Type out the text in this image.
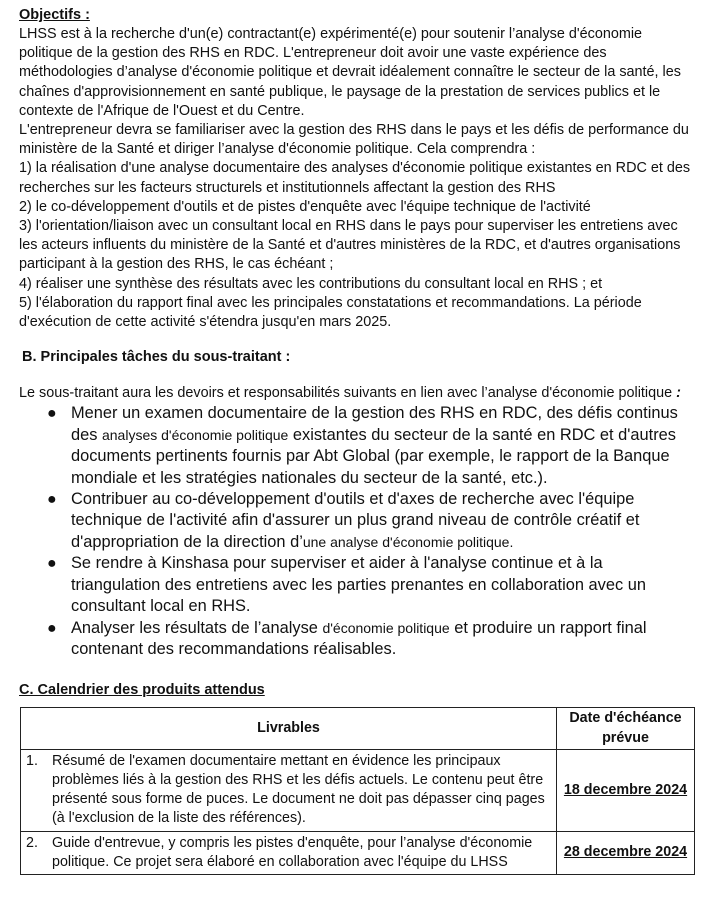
Objectifs :

LHSS est à la recherche d'un(e) contractant(e) expérimenté(e) pour soutenir l’analyse d'économie politique de la gestion des RHS en RDC. L'entrepreneur doit avoir une vaste expérience des méthodologies d’analyse d'économie politique et devrait idéalement connaître le secteur de la santé, les chaînes d'approvisionnement en santé publique, le paysage de la prestation de services publics et le contexte de l'Afrique de l'Ouest et du Centre.

L'entrepreneur devra se familiariser avec la gestion des RHS dans le pays et les défis de performance du ministère de la Santé et diriger l’analyse d'économie politique. Cela comprendra :

1) la réalisation d'une analyse documentaire des analyses d'économie politique existantes en RDC et des recherches sur les facteurs structurels et institutionnels affectant la gestion des RHS

2) le co-développement d'outils et de pistes d'enquête avec l'équipe technique de l'activité

3) l'orientation/liaison avec un consultant local en RHS dans le pays pour superviser les entretiens avec les acteurs influents du ministère de la Santé et d'autres ministères de la RDC, et d'autres organisations participant à la gestion des RHS, le cas échéant ;

4) réaliser une synthèse des résultats avec les contributions du consultant local en RHS ; et

5) l'élaboration du rapport final avec les principales constatations et recommandations. La période d'exécution de cette activité s'étendra jusqu'en mars 2025.

B. Principales tâches du sous-traitant :

Le sous-traitant aura les devoirs et responsabilités suivants en lien avec l’analyse d'économie politique :

● Mener un examen documentaire de la gestion des RHS en RDC, des défis continus des analyses d'économie politique existantes du secteur de la santé en RDC et d'autres documents pertinents fournis par Abt Global (par exemple, le rapport de la Banque mondiale et les stratégies nationales du secteur de la santé, etc.).
● Contribuer au co-développement d'outils et d'axes de recherche avec l'équipe technique de l'activité afin d'assurer un plus grand niveau de contrôle créatif et d'appropriation de la direction d’une analyse d'économie politique.
● Se rendre à Kinshasa pour superviser et aider à l'analyse continue et à la triangulation des entretiens avec les parties prenantes en collaboration avec un consultant local en RHS.
● Analyser les résultats de l’analyse d'économie politique et produire un rapport final contenant des recommandations réalisables.
C. Calendrier des produits attendus
Livrables	Date d'échéance prévue

1. Résumé de l'examen documentaire mettant en évidence les principaux problèmes liés à la gestion des RHS et les défis actuels. Le contenu peut être présenté sous forme de puces. Le document ne doit pas dépasser cinq pages (à l'exclusion de la liste des références).	18 decembre 2024

2. Guide d'entrevue, y compris les pistes d'enquête, pour l’analyse d'économie politique. Ce projet sera élaboré en collaboration avec l'équipe du LHSS	28 decembre 2024
